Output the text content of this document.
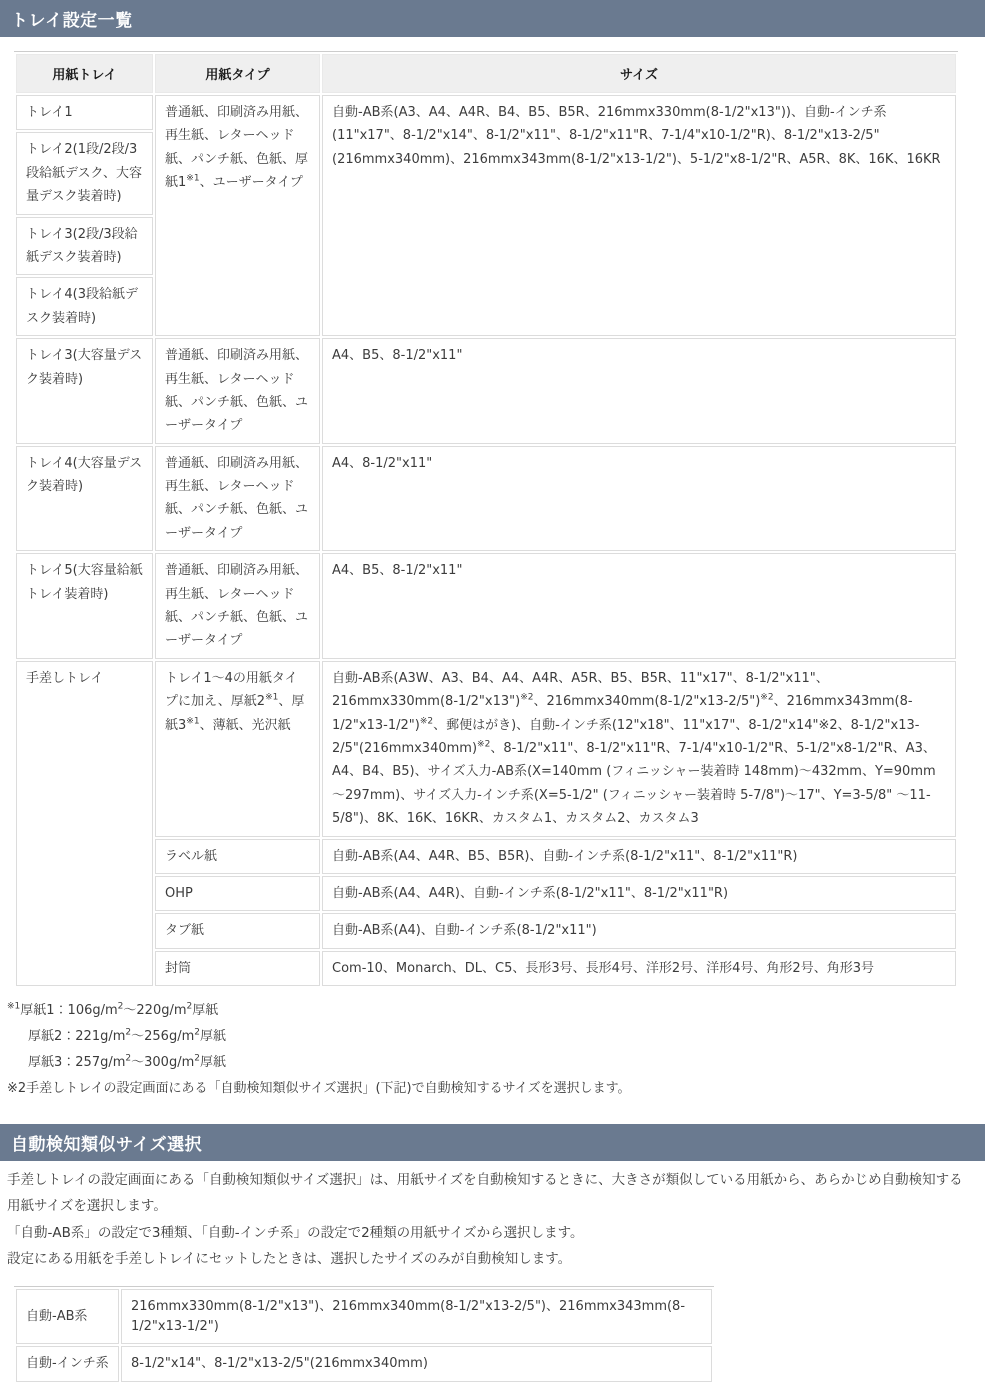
トレイ設定一覧
用紙トレイ	用紙タイプ	サイズ
トレイ1	普通紙、印刷済み用紙、再生紙、レターヘッド紙、パンチ紙、色紙、厚紙1$^{※1}$、ユーザータイプ	自動-AB系(A3、A4、A4R、B4、B5、B5R、216mmx330mm(8-1/2"x13"))、自動-インチ系(11"x17"、8-1/2"x14"、8-1/2"x11"、8-1/2"x11"R、7-1/4"x10-1/2"R)、8-1/2"x13-2/5"(216mmx340mm)、216mmx343mm(8-1/2"x13-1/2")、5-1/2"x8-1/2"R、A5R、8K、16K、16KR
トレイ2(1段/2段/3段給紙デスク、大容量デスク装着時)		
トレイ3(2段/3段給紙デスク装着時)		
トレイ4(3段給紙デスク装着時)		
トレイ3(大容量デスク装着時)	普通紙、印刷済み用紙、再生紙、レターヘッド紙、パンチ紙、色紙、ユーザータイプ	A4、B5、8-1/2"x11"
トレイ4(大容量デスク装着時)	普通紙、印刷済み用紙、再生紙、レターヘッド紙、パンチ紙、色紙、ユーザータイプ	A4、8-1/2"x11"
トレイ5(大容量給紙トレイ装着時)	普通紙、印刷済み用紙、再生紙、レターヘッド紙、パンチ紙、色紙、ユーザータイプ	A4、B5、8-1/2"x11"
手差しトレイ	トレイ1～4の用紙タイプに加え、厚紙2$^{※1}$、厚紙3$^{※1}$、薄紙、光沢紙	自動-AB系(A3W、A3、B4、A4、A4R、A5R、B5、B5R、11"x17"、8-1/2"x11"、216mmx330mm(8-1/2"x13")$^{※2}$、216mmx340mm(8-1/2"x13-2/5")$^{※2}$、216mmx343mm(8-1/2"x13-1/2")$^{※2}$、郵便はがき)、自動-インチ系(12"x18"、11"x17"、8-1/2"x14"※2、$8-1/2"x13-2/5"(216mmx340mm)^{※2}$、8-1/2"x11"、8-1/2"x11"R、7-1/4"x10-1/2"R、5-1/2"x8-1/2"R、A3、A4、B4、B5)、サイズ入力-AB系(X=140mm (フィニッシャー装着時 148mm)～432mm、Y=90mm ～297mm)、サイズ入力-インチ系(X=5-1/2" (フィニッシャー装着時 5-7/8")～17"、Y=3-5/8" ～11-5/8")、8K、16K、16KR、カスタム1、カスタム2、カスタム3
	ラベル紙	自動-AB系(A4、A4R、B5、B5R)、自動-インチ系(8-1/2"x11"、8-1/2"x11"R)
	OHP	自動-AB系(A4、A4R)、自動-インチ系(8-1/2"x11"、8-1/2"x11"R)
	タブ紙	自動-AB系(A4)、自動-インチ系(8-1/2"x11")
	封筒	Com-10、Monarch、DL、C5、長形3号、長形4号、洋形2号、洋形4号、角形2号、角形3号
$^{※1}$厚紙1：$106g/m^2\sim 220g/m^2$厚紙
厚紙2：$221g/m^2\sim 256g/m^2$厚紙
厚紙3：$257g/m^2\sim 300g/m^2$厚紙
※2手差しトレイの設定画面にある「自動検知類似サイズ選択」(下記)で自動検知するサイズを選択します。
自動検知類似サイズ選択
手差しトレイの設定画面にある「自動検知類似サイズ選択」は、用紙サイズを自動検知するときに、大きさが類似している用紙から、あらかじめ自動検知する用紙サイズを選択します。
「自動-AB系」の設定で3種類、「自動-インチ系」の設定で2種類の用紙サイズから選択します。
設定にある用紙を手差しトレイにセットしたときは、選択したサイズのみが自動検知します。
自動-AB系	216mmx330mm(8-1/2"x13")、216mmx340mm(8-1/2"x13-2/5")、216mmx343mm(8-1/2"x13-1/2")
自動-インチ系	8-1/2"x14"、8-1/2"x13-2/5"(216mmx340mm)
